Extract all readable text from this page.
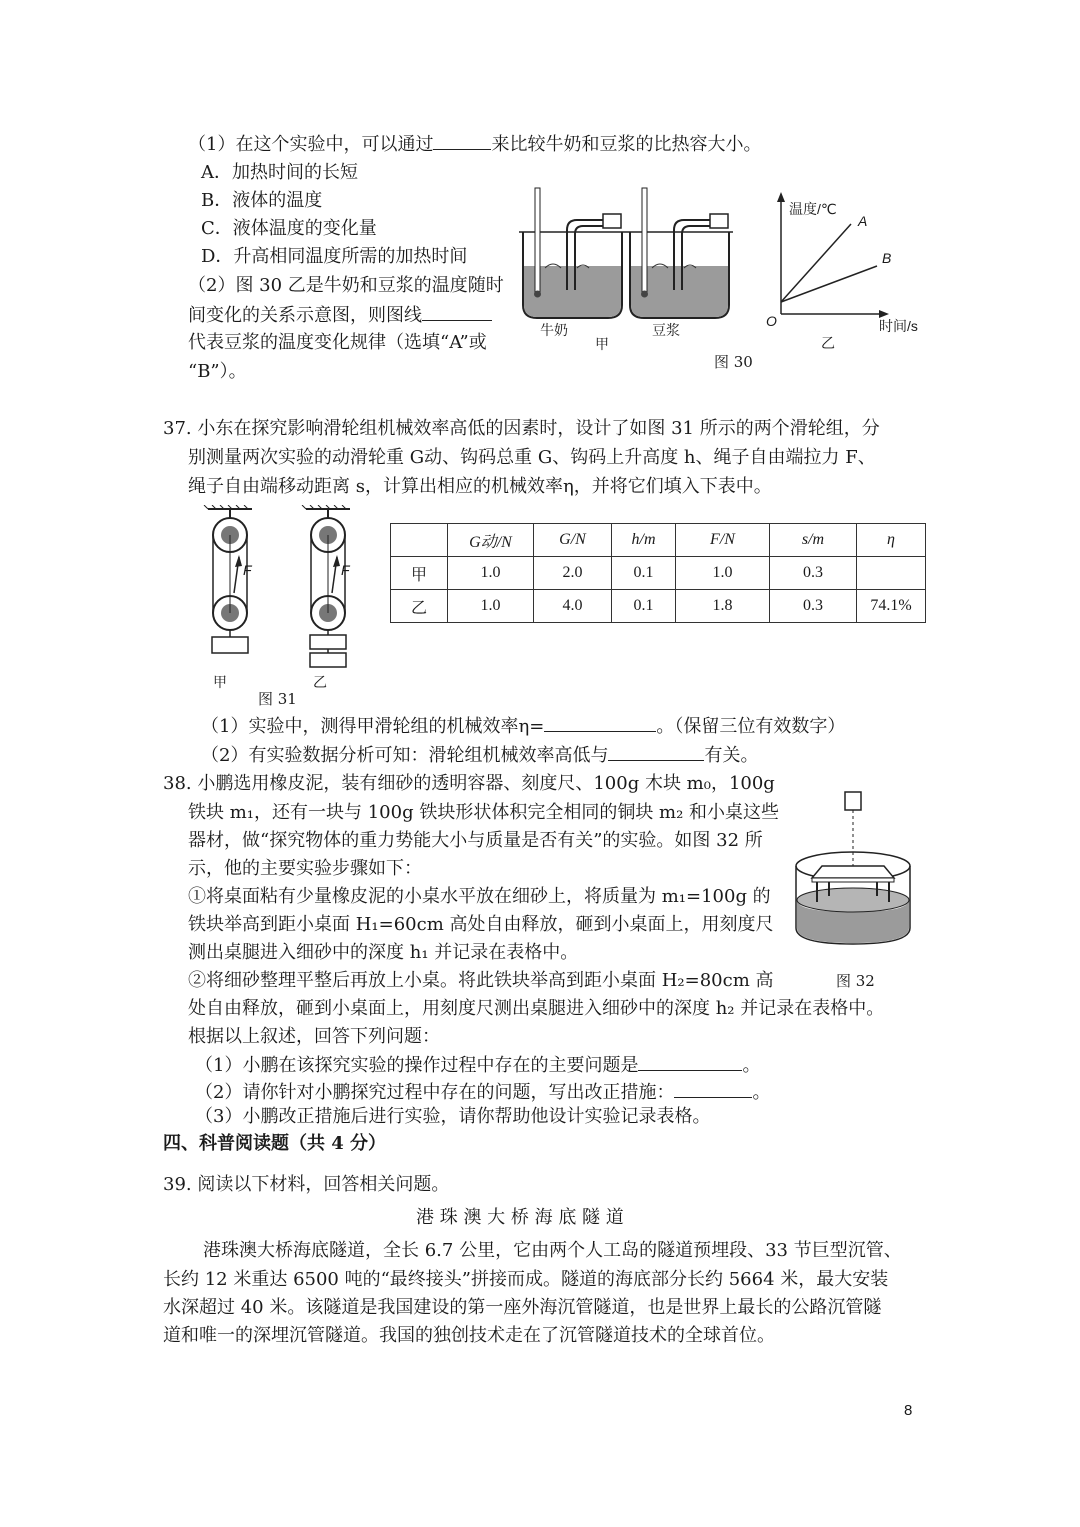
（1）在这个实验中，可以通过	来比较牛奶和豆浆的比热容大小。
A．加热时间的长短
B．液体的温度
C．液体温度的变化量
D．升高相同温度所需的加热时间
（2）图 30 乙是牛奶和豆浆的温度随时
间变化的关系示意图，则图线
代表豆浆的温度变化规律（选填“A”或
“B”）。
牛奶
甲
豆浆
温度/℃
A
B
O	时间/s
乙
图 30
37. 小东在探究影响滑轮组机械效率高低的因素时，设计了如图 31 所示的两个滑轮组，分
别测量两次实验的动滑轮重 G动、钩码总重 G、钩码上升高度 h、绳子自由端拉力 F、
绳子自由端移动距离 s，计算出相应的机械效率η，并将它们填入下表中。
F	F
甲	乙
图 31
	G动/N	G/N	h/m	F/N	s/m	η
甲	1.0	2.0	0.1	1.0	0.3	
乙	1.0	4.0	0.1	1.8	0.3	74.1%
（1）实验中，测得甲滑轮组的机械效率η=	。（保留三位有效数字）
（2）有实验数据分析可知：滑轮组机械效率高低与	有关。
38. 小鹏选用橡皮泥，装有细砂的透明容器、刻度尺、100g 木块 m₀，100g
铁块 m₁，还有一块与 100g 铁块形状体积完全相同的铜块 m₂ 和小桌这些
器材，做“探究物体的重力势能大小与质量是否有关”的实验。如图 32 所
示，他的主要实验步骤如下：
①将桌面粘有少量橡皮泥的小桌水平放在细砂上，将质量为 m₁=100g 的
铁块举高到距小桌面 H₁=60cm 高处自由释放，砸到小桌面上，用刻度尺
测出桌腿进入细砂中的深度 h₁ 并记录在表格中。
②将细砂整理平整后再放上小桌。将此铁块举高到距小桌面 H₂=80cm 高
处自由释放，砸到小桌面上，用刻度尺测出桌腿进入细砂中的深度 h₂ 并记录在表格中。
根据以上叙述，回答下列问题：
（1）小鹏在该探究实验的操作过程中存在的主要问题是	。
（2）请你针对小鹏探究过程中存在的问题，写出改正措施：	。
（3）小鹏改正措施后进行实验，请你帮助他设计实验记录表格。
图 32
四、科普阅读题（共 4 分）
39. 阅读以下材料，回答相关问题。
港 珠 澳 大 桥 海 底 隧 道
港珠澳大桥海底隧道，全长 6.7 公里，它由两个人工岛的隧道预埋段、33 节巨型沉管、
长约 12 米重达 6500 吨的“最终接头”拼接而成。隧道的海底部分长约 5664 米，最大安装
水深超过 40 米。该隧道是我国建设的第一座外海沉管隧道，也是世界上最长的公路沉管隧
道和唯一的深埋沉管隧道。我国的独创技术走在了沉管隧道技术的全球首位。
8
